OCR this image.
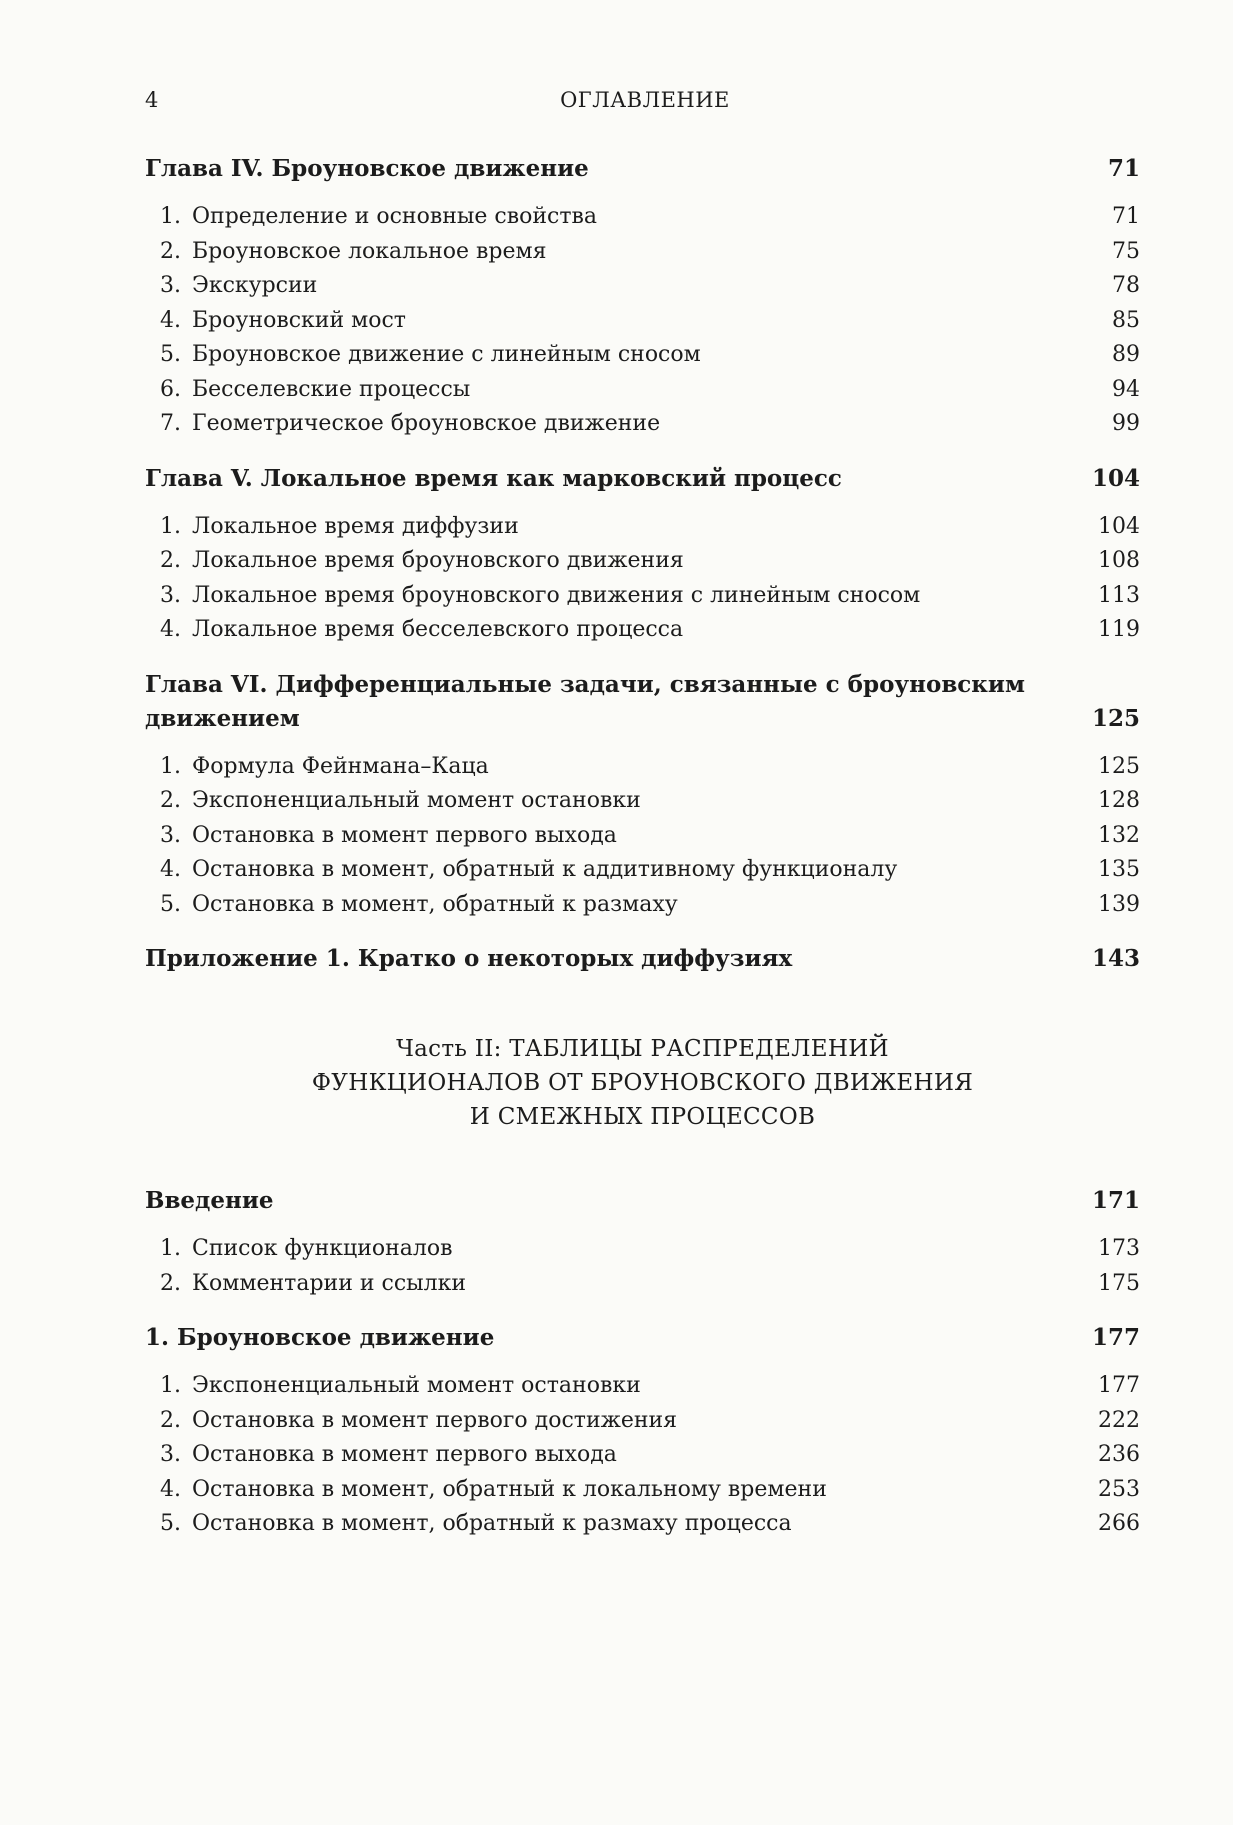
4	ОГЛАВЛЕНИЕ
Глава IV. Броуновское движение	71
1. Определение и основные свойства	71
2. Броуновское локальное время	75
3. Экскурсии	78
4. Броуновский мост	85
5. Броуновское движение с линейным сносом	89
6. Бесселевские процессы	94
7. Геометрическое броуновское движение	99
Глава V. Локальное время как марковский процесс	104
1. Локальное время диффузии	104
2. Локальное время броуновского движения	108
3. Локальное время броуновского движения с линейным сносом	113
4. Локальное время бесселевского процесса	119
Глава VI. Дифференциальные задачи, связанные с броуновским движением	125
1. Формула Фейнмана–Каца	125
2. Экспоненциальный момент остановки	128
3. Остановка в момент первого выхода	132
4. Остановка в момент, обратный к аддитивному функционалу	135
5. Остановка в момент, обратный к размаху	139
Приложение 1. Кратко о некоторых диффузиях	143
Часть II: ТАБЛИЦЫ РАСПРЕДЕЛЕНИЙ
ФУНКЦИОНАЛОВ ОТ БРОУНОВСКОГО ДВИЖЕНИЯ
И СМЕЖНЫХ ПРОЦЕССОВ
Введение	171
1. Список функционалов	173
2. Комментарии и ссылки	175
1. Броуновское движение	177
1. Экспоненциальный момент остановки	177
2. Остановка в момент первого достижения	222
3. Остановка в момент первого выхода	236
4. Остановка в момент, обратный к локальному времени	253
5. Остановка в момент, обратный к размаху процесса	266
